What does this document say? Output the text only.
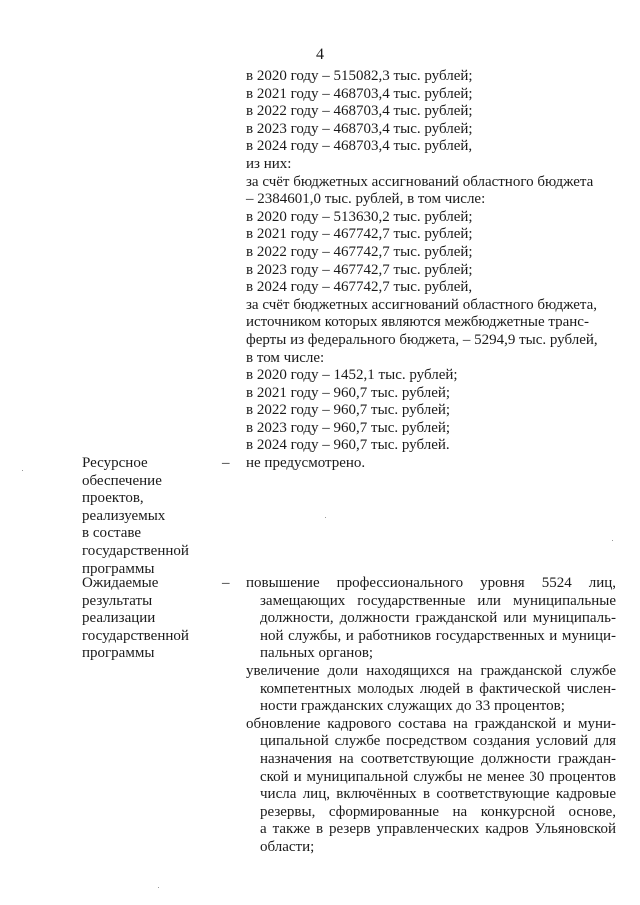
4
в 2020 году – 515082,3 тыс. рублей;
в 2021 году – 468703,4 тыс. рублей;
в 2022 году – 468703,4 тыс. рублей;
в 2023 году – 468703,4 тыс. рублей;
в 2024 году – 468703,4 тыс. рублей,
из них:
за счёт бюджетных ассигнований областного бюджета
– 2384601,0 тыс. рублей, в том числе:
в 2020 году – 513630,2 тыс. рублей;
в 2021 году – 467742,7 тыс. рублей;
в 2022 году – 467742,7 тыс. рублей;
в 2023 году – 467742,7 тыс. рублей;
в 2024 году – 467742,7 тыс. рублей,
за счёт бюджетных ассигнований областного бюджета,
источником которых являются межбюджетные транс-
ферты из федерального бюджета, – 5294,9 тыс. рублей,
в том числе:
в 2020 году – 1452,1 тыс. рублей;
в 2021 году – 960,7 тыс. рублей;
в 2022 году – 960,7 тыс. рублей;
в 2023 году – 960,7 тыс. рублей;
в 2024 году – 960,7 тыс. рублей.
Ресурсное
обеспечение
проектов,
реализуемых
в составе
государственной
программы
– не предусмотрено.
Ожидаемые
результаты
реализации
государственной
программы
– повышение профессионального уровня 5524 лиц,
замещающих государственные или муниципальные
должности, должности гражданской или муниципаль-
ной службы, и работников государственных и муници-
пальных органов;
увеличение доли находящихся на гражданской службе
компетентных молодых людей в фактической числен-
ности гражданских служащих до 33 процентов;
обновление кадрового состава на гражданской и муни-
ципальной службе посредством создания условий для
назначения на соответствующие должности граждан-
ской и муниципальной службы не менее 30 процентов
числа лиц, включённых в соответствующие кадровые
резервы, сформированные на конкурсной основе,
а также в резерв управленческих кадров Ульяновской
области;
